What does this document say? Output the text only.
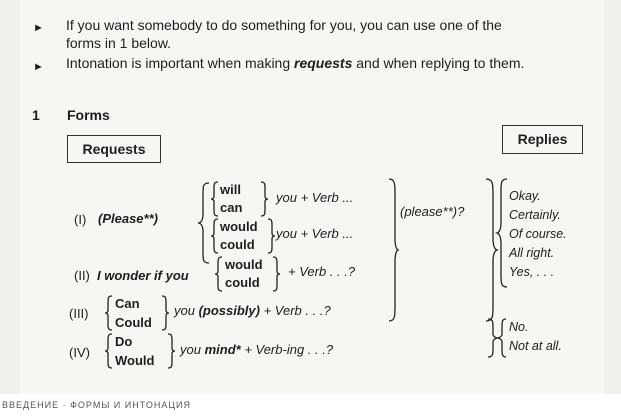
► If you want somebody to do something for you, you can use one of the
forms in 1 below.
► Intonation is important when making requests and when replying to them.
1 Forms
Requests
Replies
(I) (Please**)
will
can
you + Verb ...
would
could
you + Verb ...
(please**)?
(II) I wonder if you
would
could
+ Verb . . .?
(III)
Can
Could
you (possibly) + Verb . . .?
(IV)
Do
Would
you mind* + Verb-ing . . .?
Okay.
Certainly.
Of course.
All right.
Yes, . . .
No.
Not at all.
ВВЕДЕНИЕ · ФОРМЫ И ИНТОНАЦИЯ
